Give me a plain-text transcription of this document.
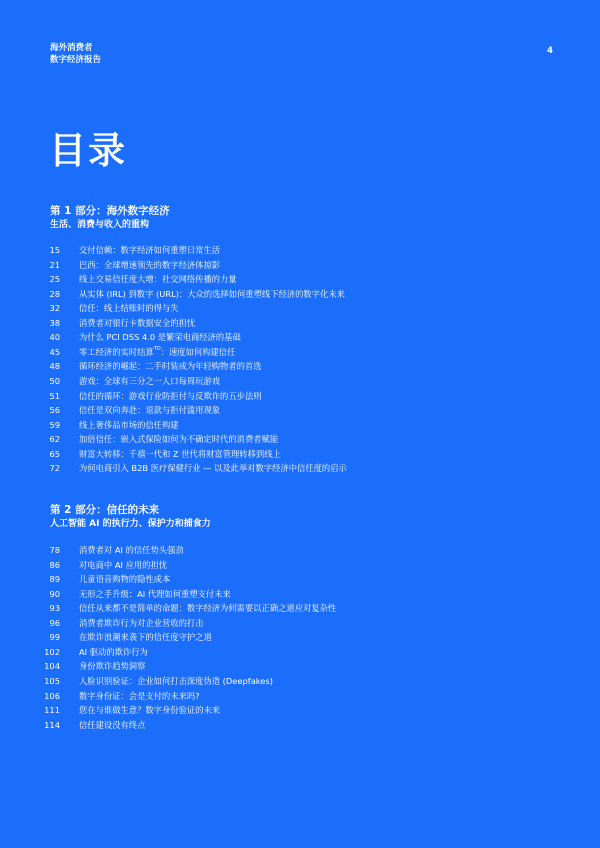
海外消费者
数字经济报告
4
目录
第 1 部分：海外数字经济
生活、消费与收入的重构
15 交付信赖：数字经济如何重塑日常生活
21 巴西：全球增速领先的数字经济体掠影
25 线上交易信任度大增：社交网络传播的力量
28 从实体 (IRL) 到数字 (URL)：大众的选择如何重塑线下经济的数字化未来
32 信任：线上结账时的得与失
38 消费者对银行卡数据安全的担忧
40 为什么 PCI DSS 4.0 是繁荣电商经济的基础
45 零工经济的实时结算$^{TO}$：速度如何构建信任
48 循环经济的崛起：二手时装成为年轻购物者的首选
50 游戏：全球有三分之一人口每周玩游戏
51 信任的循环：游戏行业防拒付与反欺诈的五步法则
56 信任是双向奔赴：退款与拒付滥用现象
59 线上奢侈品市场的信任构建
62 加倍信任：嵌入式保险如何为不确定时代的消费者赋能
65 财富大转移：千禧一代和 Z 世代将财富管理转移到线上
72 为何电商引入 B2B 医疗保健行业 — 以及此举对数字经济中信任度的启示
第 2 部分：信任的未来
人工智能 AI 的执行力、保护力和捕食力
78 消费者对 AI 的信任势头强劲
86 对电商中 AI 应用的担忧
89 儿童语音购物的隐性成本
90 无形之手升级：AI 代理如何重塑支付未来
93 信任从来都不是简单的命题：数字经济为何需要以正确之道应对复杂性
96 消费者欺诈行为对企业营收的打击
99 在欺诈浪潮来袭下的信任度守护之道
102 AI 驱动的欺诈行为
104 身份欺诈趋势洞察
105 人脸识别验证：企业如何打击深度伪造 (Deepfakes)
106 数字身份证：会是支付的未来吗?
111 您在与谁做生意？数字身份验证的未来
114 信任建设没有终点
